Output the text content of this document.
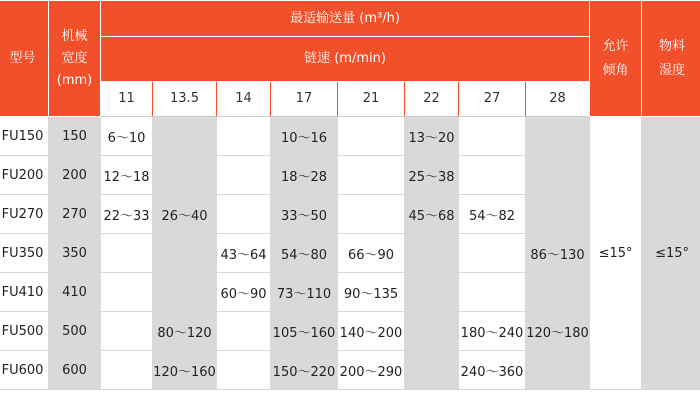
型号	机械宽度(mm)	最适输送量 (m³/h)								允许倾角	物料湿度
		链速 (m/min)									
		11	13.5	14	17	21	22	27	28		
FU150	150	6～10			10～16		13～20			≤15°	≤15°
FU200	200	12～18			18～28		25～38				
FU270	270	22～33	26～40		33～50		45～68	54～82			
FU350	350			43～64	54～80	66～90			86～130		
FU410	410			60～90	73～110	90～135					
FU500	500		80～120		105～160	140～200		180～240	120～180		
FU600	600		120～160		150～220	200～290		240～360			
